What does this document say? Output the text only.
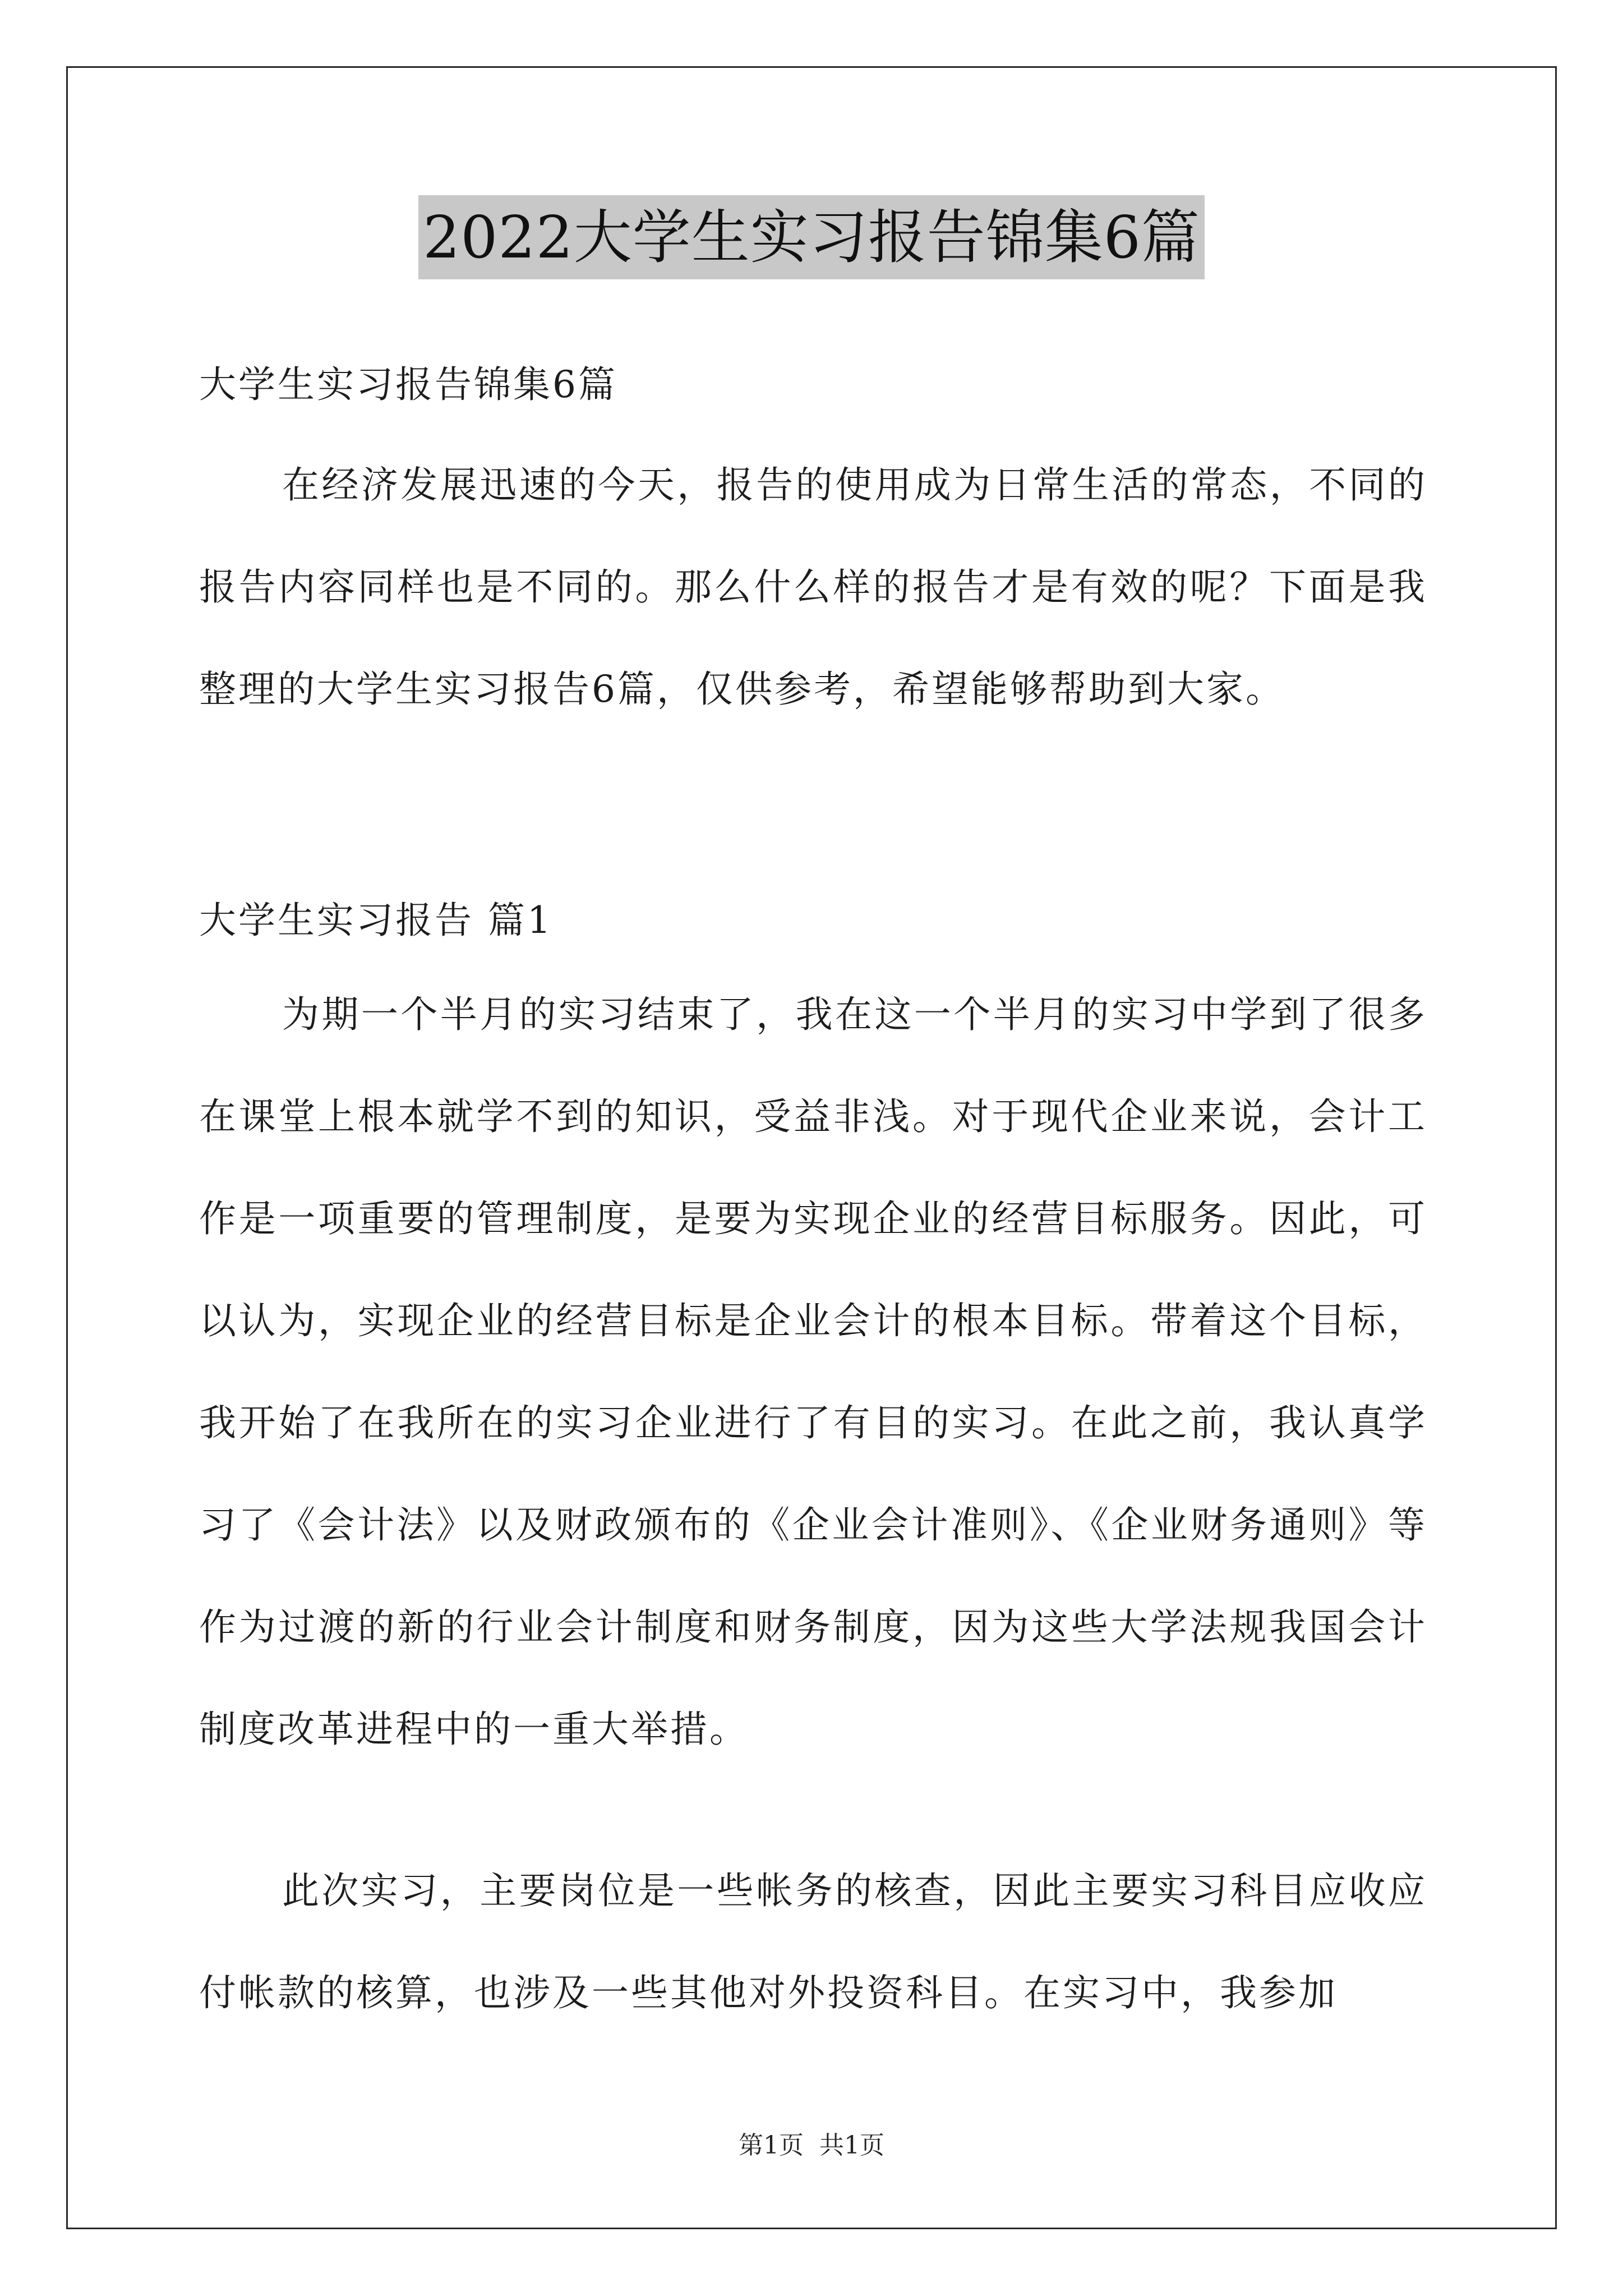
2022大学生实习报告锦集6篇
大学生实习报告锦集6篇

在经济发展迅速的今天，报告的使用成为日常生活的常态，不同的报告内容同样也是不同的。那么什么样的报告才是有效的呢？下面是我整理的大学生实习报告6篇，仅供参考，希望能够帮助到大家。

大学生实习报告 篇1

为期一个半月的实习结束了，我在这一个半月的实习中学到了很多在课堂上根本就学不到的知识，受益非浅。对于现代企业来说，会计工作是一项重要的管理制度，是要为实现企业的经营目标服务。因此，可以认为，实现企业的经营目标是企业会计的根本目标。带着这个目标，我开始了在我所在的实习企业进行了有目的实习。在此之前，我认真学习了《会计法》以及财政颁布的《企业会计准则》、《企业财务通则》等作为过渡的新的行业会计制度和财务制度，因为这些大学法规我国会计制度改革进程中的一重大举措。

此次实习，主要岗位是一些帐务的核查，因此主要实习科目应收应付帐款的核算，也涉及一些其他对外投资科目。在实习中，我参加

第1页 共1页
